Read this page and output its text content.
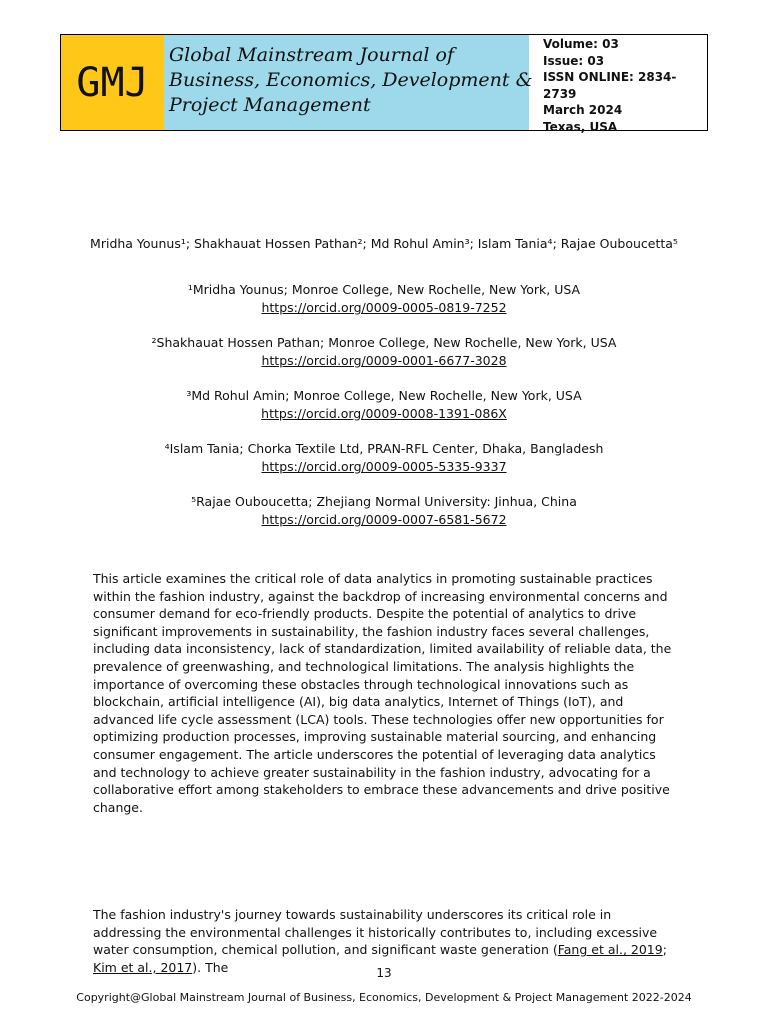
GMJ
Global Mainstream Journal of
Business, Economics, Development &
Project Management
Volume: 03
Issue: 03
ISSN ONLINE: 2834-2739
March 2024
Texas, USA
Mridha Younus¹; Shakhauat Hossen Pathan²; Md Rohul Amin³; Islam Tania⁴; Rajae Ouboucetta⁵
¹Mridha Younus; Monroe College, New Rochelle, New York, USA
https://orcid.org/0009-0005-0819-7252
²Shakhauat Hossen Pathan; Monroe College, New Rochelle, New York, USA
https://orcid.org/0009-0001-6677-3028
³Md Rohul Amin; Monroe College, New Rochelle, New York, USA
https://orcid.org/0009-0008-1391-086X
⁴Islam Tania; Chorka Textile Ltd, PRAN-RFL Center, Dhaka, Bangladesh
https://orcid.org/0009-0005-5335-9337
⁵Rajae Ouboucetta; Zhejiang Normal University: Jinhua, China
https://orcid.org/0009-0007-6581-5672
This article examines the critical role of data analytics in promoting sustainable practices within the fashion industry, against the backdrop of increasing environmental concerns and consumer demand for eco-friendly products. Despite the potential of analytics to drive significant improvements in sustainability, the fashion industry faces several challenges, including data inconsistency, lack of standardization, limited availability of reliable data, the prevalence of greenwashing, and technological limitations. The analysis highlights the importance of overcoming these obstacles through technological innovations such as blockchain, artificial intelligence (AI), big data analytics, Internet of Things (IoT), and advanced life cycle assessment (LCA) tools. These technologies offer new opportunities for optimizing production processes, improving sustainable material sourcing, and enhancing consumer engagement. The article underscores the potential of leveraging data analytics and technology to achieve greater sustainability in the fashion industry, advocating for a collaborative effort among stakeholders to embrace these advancements and drive positive change.
The fashion industry's journey towards sustainability underscores its critical role in addressing the environmental challenges it historically contributes to, including excessive water consumption, chemical pollution, and significant waste generation (Fang et al., 2019; Kim et al., 2017). The	13
Copyright@Global Mainstream Journal of Business, Economics, Development & Project Management 2022-2024
